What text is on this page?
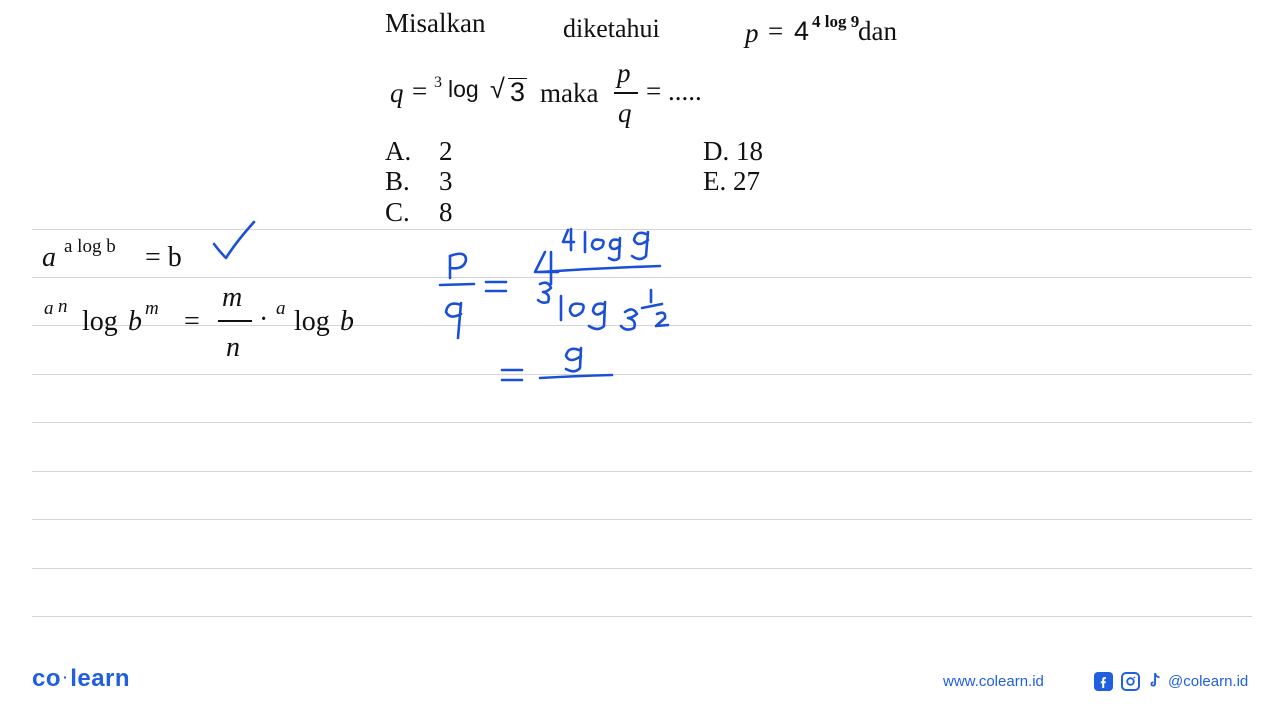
Misalkan	diketahui	p = 4 4 log 9
dan
q = 3 log √ 3 maka
p
q
= .....
A. 2
B. 3
C. 8
D. 18
E. 27
a a log b = b
a n log b m =
m
n
· a log b
co ·learn	www.colearn.id	@colearn.id
